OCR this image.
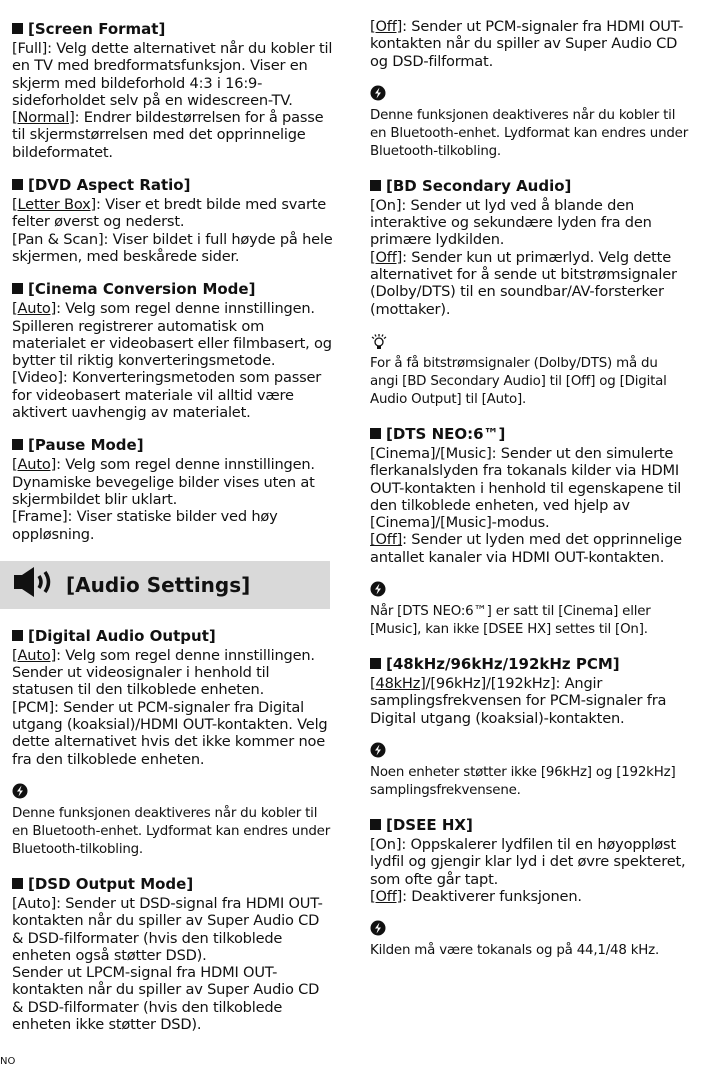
[Screen Format]
[Full]: Velg dette alternativet når du kobler til en TV med bredformatsfunksjon. Viser en skjerm med bildeforhold 4:3 i 16:9-sideforholdet selv på en widescreen-TV.
[Normal]: Endrer bildestørrelsen for å passe til skjermstørrelsen med det opprinnelige bildeformatet.
[DVD Aspect Ratio]
[Letter Box]: Viser et bredt bilde med svarte felter øverst og nederst.
[Pan & Scan]: Viser bildet i full høyde på hele skjermen, med beskårede sider.
[Cinema Conversion Mode]
[Auto]: Velg som regel denne innstillingen. Spilleren registrerer automatisk om materialet er videobasert eller filmbasert, og bytter til riktig konverteringsmetode.
[Video]: Konverteringsmetoden som passer for videobasert materiale vil alltid være aktivert uavhengig av materialet.
[Pause Mode]
[Auto]: Velg som regel denne innstillingen. Dynamiske bevegelige bilder vises uten at skjermbildet blir uklart.
[Frame]: Viser statiske bilder ved høy oppløsning.
[Audio Settings]
[Digital Audio Output]
[Auto]: Velg som regel denne innstillingen. Sender ut videosignaler i henhold til statusen til den tilkoblede enheten.
[PCM]: Sender ut PCM-signaler fra Digital utgang (koaksial)/HDMI OUT-kontakten. Velg dette alternativet hvis det ikke kommer noe fra den tilkoblede enheten.
Denne funksjonen deaktiveres når du kobler til en Bluetooth-enhet. Lydformat kan endres under Bluetooth-tilkobling.
[DSD Output Mode]
[Auto]: Sender ut DSD-signal fra HDMI OUT-kontakten når du spiller av Super Audio CD & DSD-filformater (hvis den tilkoblede enheten også støtter DSD).
Sender ut LPCM-signal fra HDMI OUT-kontakten når du spiller av Super Audio CD & DSD-filformater (hvis den tilkoblede enheten ikke støtter DSD).
[Off]: Sender ut PCM-signaler fra HDMI OUT-kontakten når du spiller av Super Audio CD og DSD-filformat.
Denne funksjonen deaktiveres når du kobler til en Bluetooth-enhet. Lydformat kan endres under Bluetooth-tilkobling.
[BD Secondary Audio]
[On]: Sender ut lyd ved å blande den interaktive og sekundære lyden fra den primære lydkilden.
[Off]: Sender kun ut primærlyd. Velg dette alternativet for å sende ut bitstrømsignaler (Dolby/DTS) til en soundbar/AV-forsterker (mottaker).
For å få bitstrømsignaler (Dolby/DTS) må du angi [BD Secondary Audio] til [Off] og [Digital Audio Output] til [Auto].
[DTS NEO:6™]
[Cinema]/[Music]: Sender ut den simulerte flerkanalslyden fra tokanals kilder via HDMI OUT-kontakten i henhold til egenskapene til den tilkoblede enheten, ved hjelp av [Cinema]/[Music]-modus.
[Off]: Sender ut lyden med det opprinnelige antallet kanaler via HDMI OUT-kontakten.
Når [DTS NEO:6™] er satt til [Cinema] eller [Music], kan ikke [DSEE HX] settes til [On].
[48kHz/96kHz/192kHz PCM]
[48kHz]/[96kHz]/[192kHz]: Angir samplingsfrekvensen for PCM-signaler fra Digital utgang (koaksial)-kontakten.
Noen enheter støtter ikke [96kHz] og [192kHz] samplingsfrekvensene.
[DSEE HX]
[On]: Oppskalerer lydfilen til en høyoppløst lydfil og gjengir klar lyd i det øvre spekteret, som ofte går tapt.
[Off]: Deaktiverer funksjonen.
Kilden må være tokanals og på 44,1/48 kHz.
NO
